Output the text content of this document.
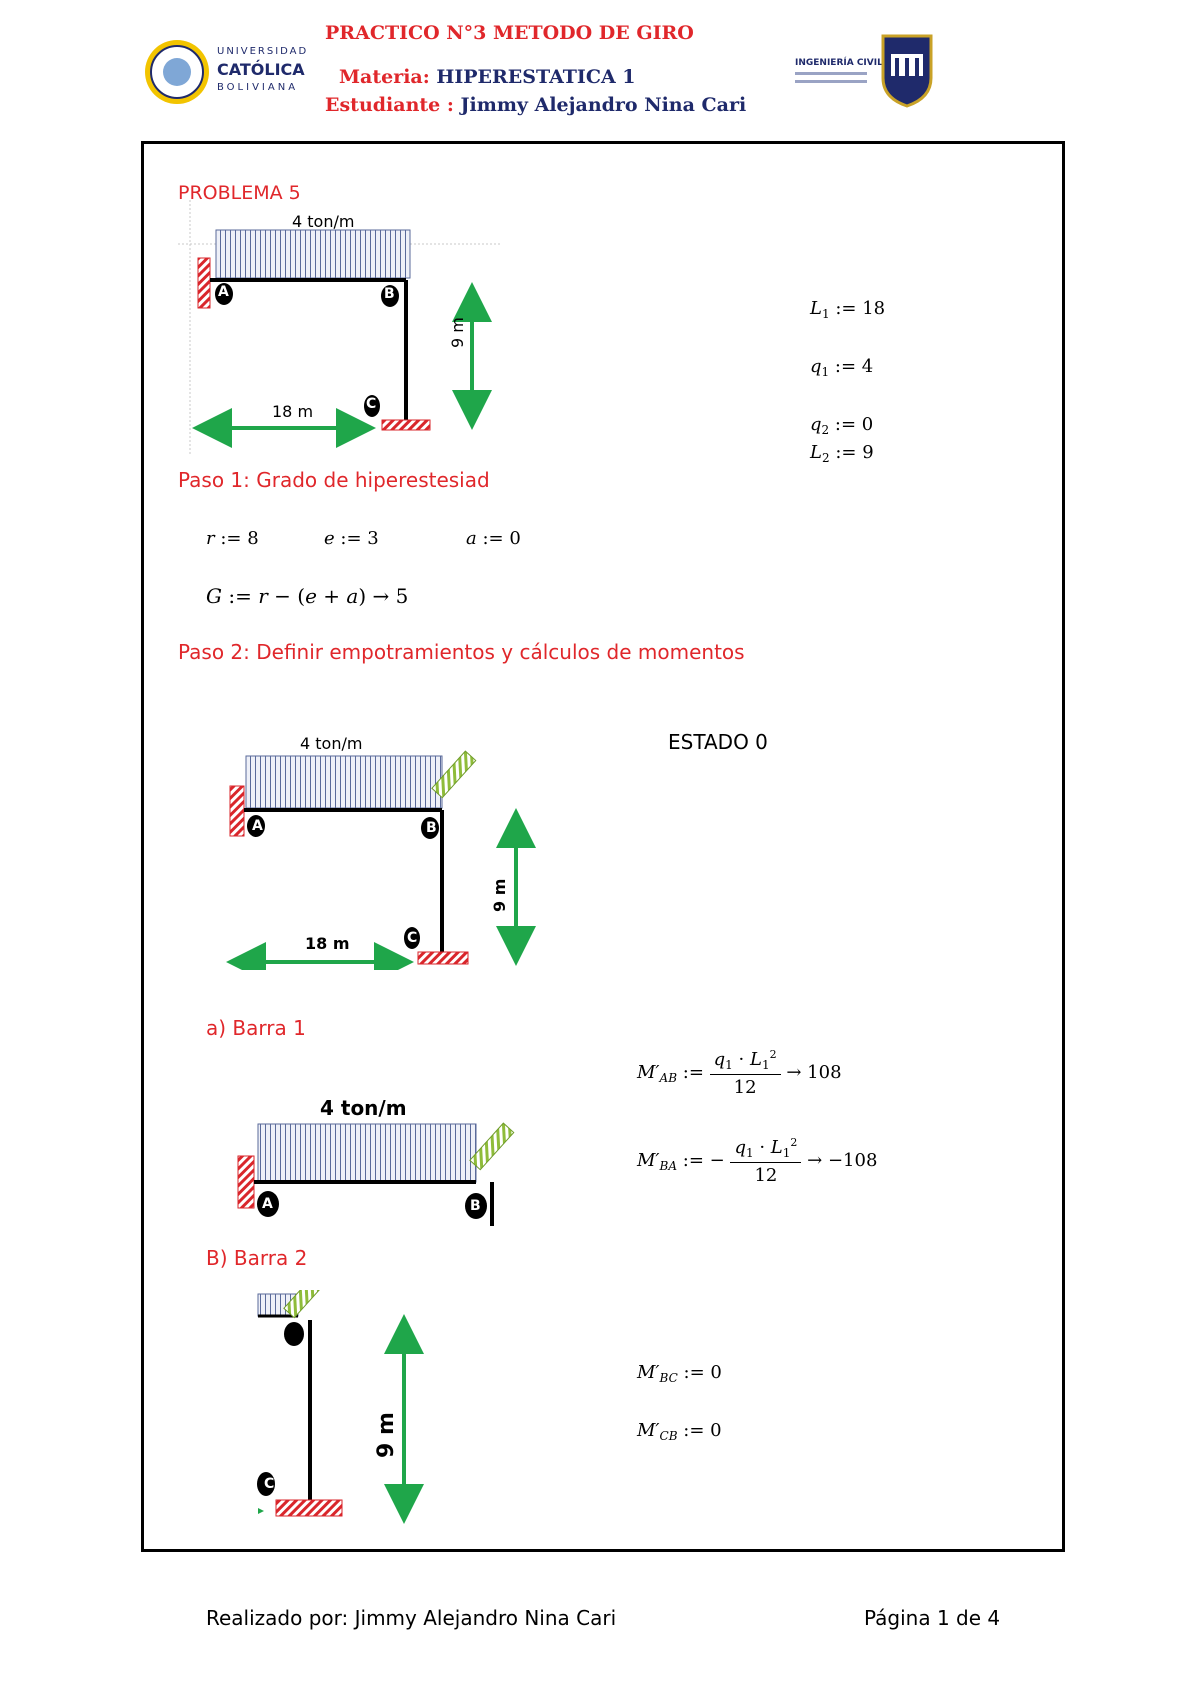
UNIVERSIDAD
CATÓLICA
BOLIVIANA
PRACTICO N°3 METODO DE GIRO
Materia: HIPERESTATICA 1
Estudiante : Jimmy Alejandro Nina Cari
INGENIERÍA CIVIL
PROBLEMA 5
4 ton/m
A	B
C
18 m
9 m
$L_1$ := 18
$q_1$ := 4
$q_2$ := 0
$L_2$ := 9
Paso 1: Grado de hiperestesiad
r := 8	e := 3	a := 0
G := r − (e + a) → 5
Paso 2: Definir empotramientos y cálculos de momentos
ESTADO 0
4 ton/m
A	B
C
18 m
9 m
a) Barra 1
4 ton/m
A	B
$M'_{AB}$ := $\frac{q_1 \cdot L_1^2}{12} \to 108$
$M'_{BA}$ := − $\frac{q_1 \cdot L_1^2}{12} \to -108$
B) Barra 2
C
9 m
$M'_{BC}$ := 0
$M'_{CB}$ := 0
Realizado por: Jimmy Alejandro Nina Cari	Página 1 de 4
